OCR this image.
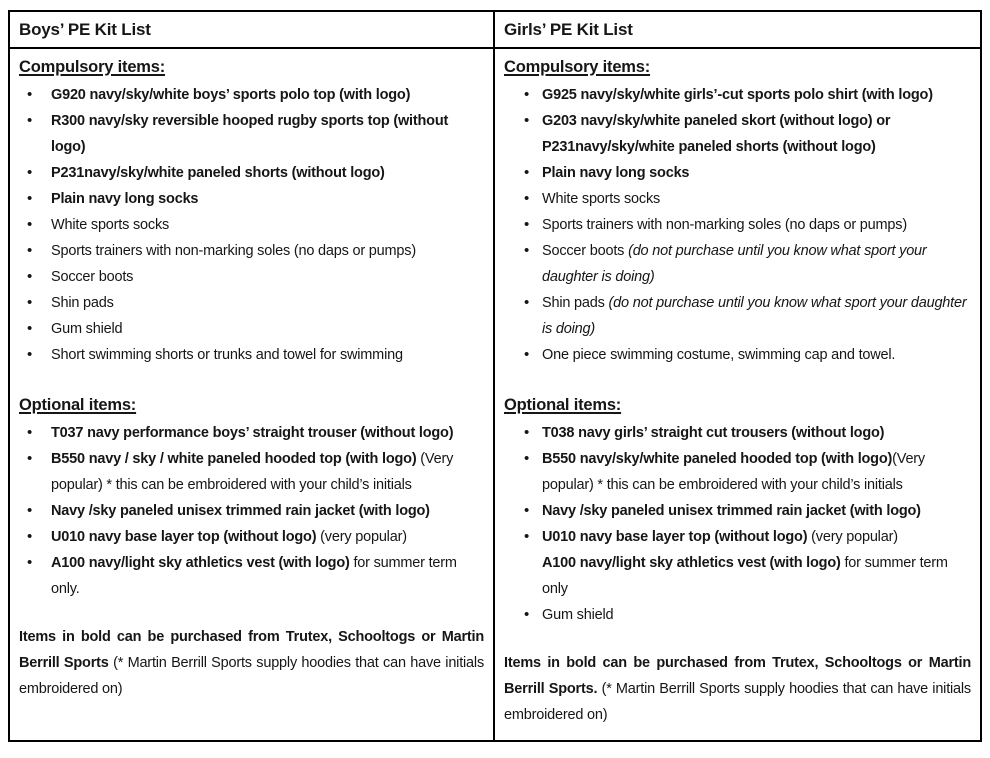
Boys’ PE Kit List
Compulsory items:
•	G920 navy/sky/white boys’ sports polo top (with logo)
•	R300 navy/sky reversible hooped rugby sports top (without logo)
•	P231navy/sky/white paneled shorts (without logo)
•	Plain navy long socks
•	White sports socks
•	Sports trainers with non-marking soles (no daps or pumps)
•	Soccer boots
•	Shin pads
•	Gum shield
•	Short swimming shorts or trunks and towel for swimming
Optional items:
•	T037 navy performance boys’ straight trouser (without logo)
•	B550 navy / sky / white paneled hooded top (with logo) (Very popular) * this can be embroidered with your child’s initials
•	Navy /sky paneled unisex trimmed rain jacket (with logo)
•	U010 navy base layer top (without logo) (very popular)
•	A100 navy/light sky athletics vest (with logo) for summer term only.

Items in bold can be purchased from Trutex, Schooltogs or Martin Berrill Sports (* Martin Berrill Sports supply hoodies that can have initials embroidered on)

Girls’ PE Kit List
Compulsory items:
• G925 navy/sky/white girls’-cut sports polo shirt (with logo)
• G203 navy/sky/white paneled skort (without logo) or P231navy/sky/white paneled shorts (without logo)
• Plain navy long socks
• White sports socks
• Sports trainers with non-marking soles (no daps or pumps)
• Soccer boots (do not purchase until you know what sport your daughter is doing)
• Shin pads (do not purchase until you know what sport your daughter is doing)
• One piece swimming costume, swimming cap and towel.
Optional items:
• T038 navy girls’ straight cut trousers (without logo)
• B550 navy/sky/white paneled hooded top (with logo)(Very popular) * this can be embroidered with your child’s initials
• Navy /sky paneled unisex trimmed rain jacket (with logo)
• U010 navy base layer top (without logo) (very popular)
A100 navy/light sky athletics vest (with logo) for summer term only
• Gum shield

Items in bold can be purchased from Trutex, Schooltogs or Martin Berrill Sports. (* Martin Berrill Sports supply hoodies that can have initials embroidered on)
